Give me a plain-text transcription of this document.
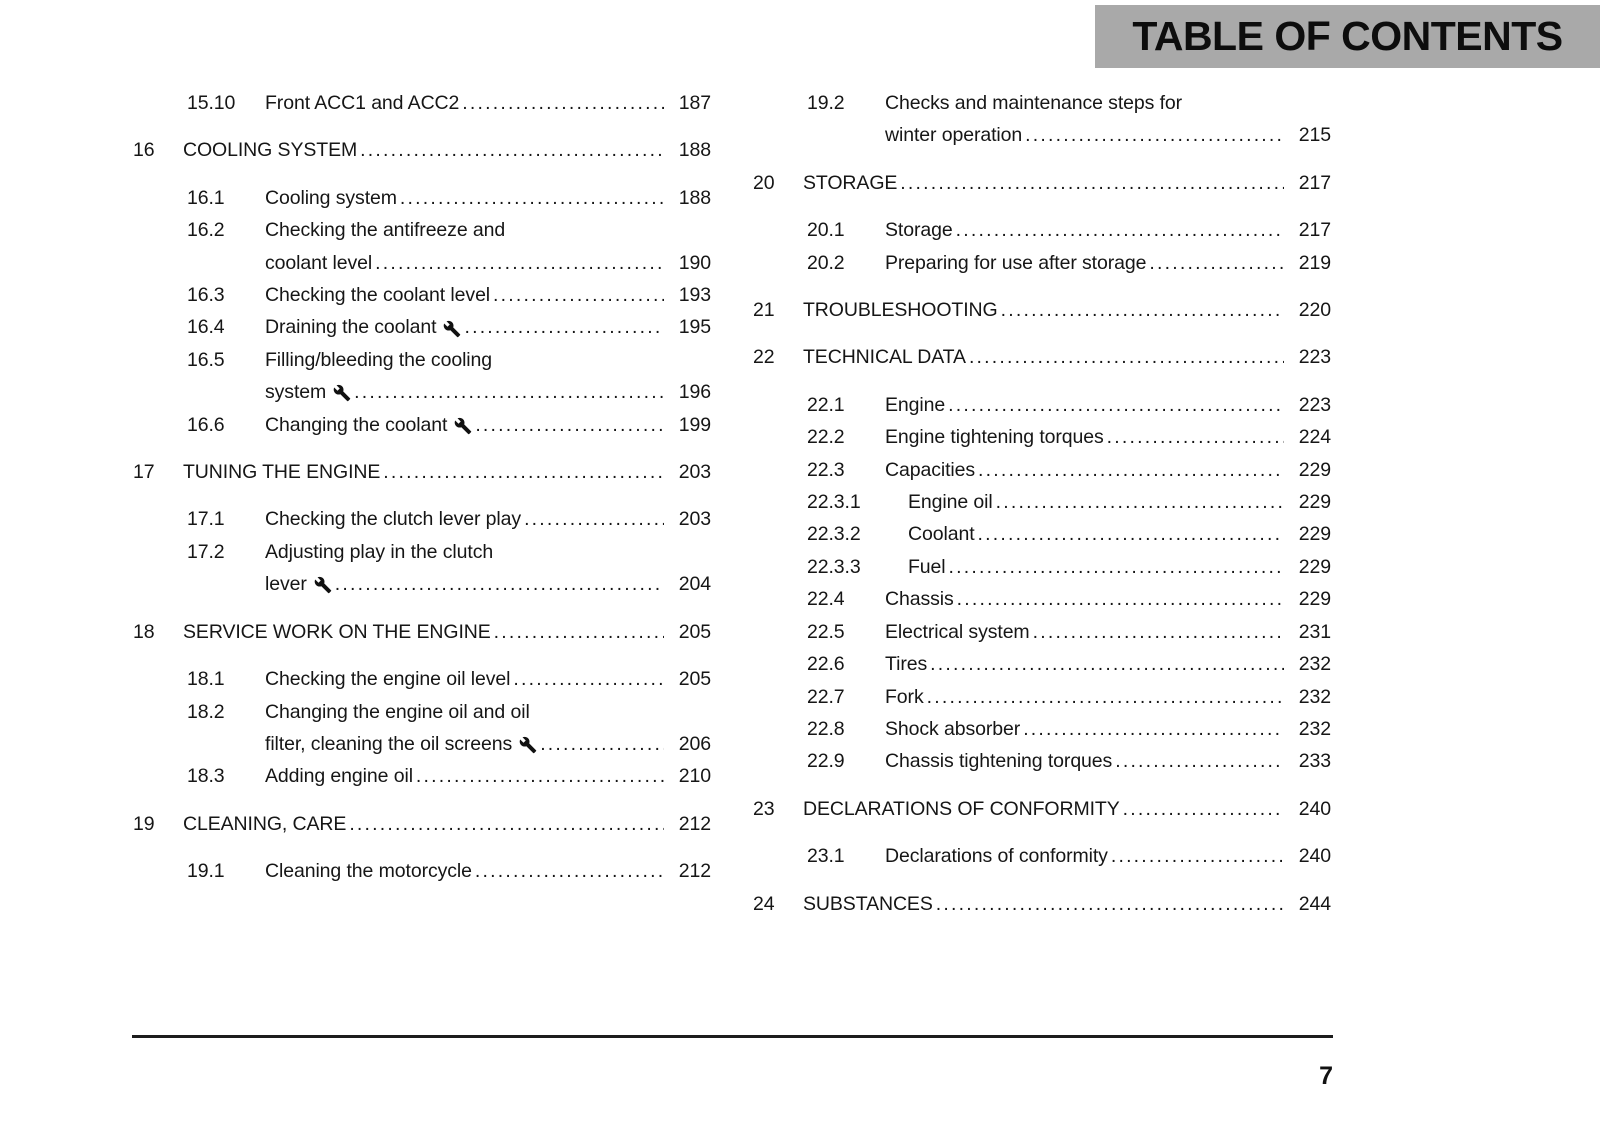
TABLE OF CONTENTS
15.10	Front ACC1 and ACC2 .....	187
16	COOLING SYSTEM .....	188
16.1	Cooling system .....	188
16.2	Checking the antifreeze and
coolant level .....	190
16.3	Checking the coolant level .....	193
16.4	Draining the coolant .....	195
16.5	Filling/bleeding the cooling
system .....	196
16.6	Changing the coolant .....	199
17	TUNING THE ENGINE .....	203
17.1	Checking the clutch lever play .....	203
17.2	Adjusting play in the clutch
lever .....	204
18	SERVICE WORK ON THE ENGINE .....	205
18.1	Checking the engine oil level .....	205
18.2	Changing the engine oil and oil
filter, cleaning the oil screens .....	206
18.3	Adding engine oil .....	210
19	CLEANING, CARE .....	212
19.1	Cleaning the motorcycle .....	212
19.2	Checks and maintenance steps for
winter operation .....	215
20	STORAGE .....	217
20.1	Storage .....	217
20.2	Preparing for use after storage .....	219
21	TROUBLESHOOTING .....	220
22	TECHNICAL DATA .....	223
22.1	Engine .....	223
22.2	Engine tightening torques .....	224
22.3	Capacities .....	229
22.3.1	Engine oil .....	229
22.3.2	Coolant .....	229
22.3.3	Fuel .....	229
22.4	Chassis .....	229
22.5	Electrical system .....	231
22.6	Tires .....	232
22.7	Fork .....	232
22.8	Shock absorber .....	232
22.9	Chassis tightening torques .....	233
23	DECLARATIONS OF CONFORMITY .....	240
23.1	Declarations of conformity .....	240
24	SUBSTANCES .....	244
7
